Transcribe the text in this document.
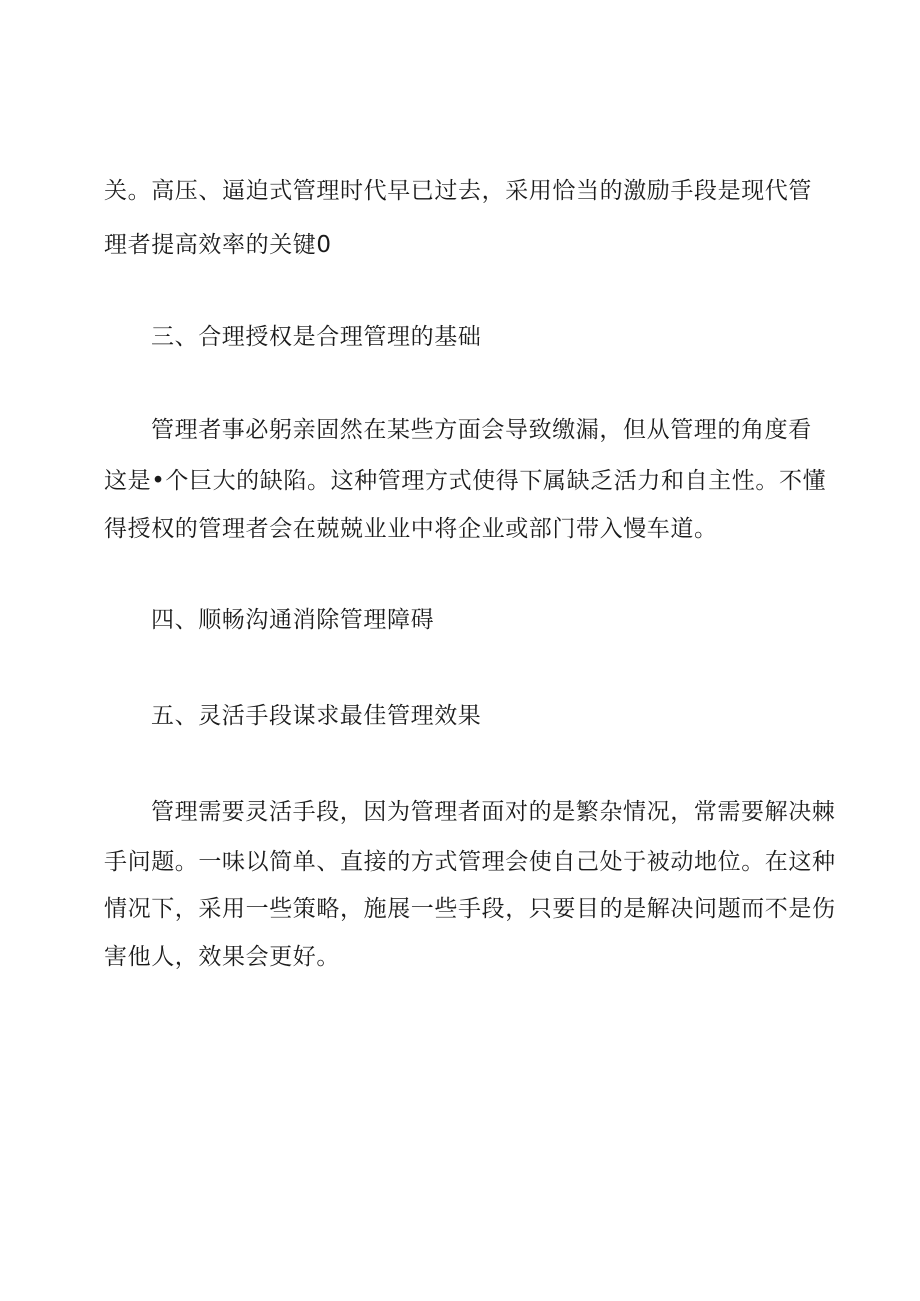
关。高压、逼迫式管理时代早已过去，采用恰当的激励手段是现代管
理者提高效率的关键0
三、合理授权是合理管理的基础
管理者事必躬亲固然在某些方面会导致缴漏，但从管理的角度看
这是•个巨大的缺陷。这种管理方式使得下属缺乏活力和自主性。不懂
得授权的管理者会在兢兢业业中将企业或部门带入慢车道。
四、顺畅沟通消除管理障碍
五、灵活手段谋求最佳管理效果
管理需要灵活手段，因为管理者面对的是繁杂情况，常需要解决棘
手问题。一味以简单、直接的方式管理会使自己处于被动地位。在这种
情况下，采用一些策略，施展一些手段，只要目的是解决问题而不是伤
害他人，效果会更好。
